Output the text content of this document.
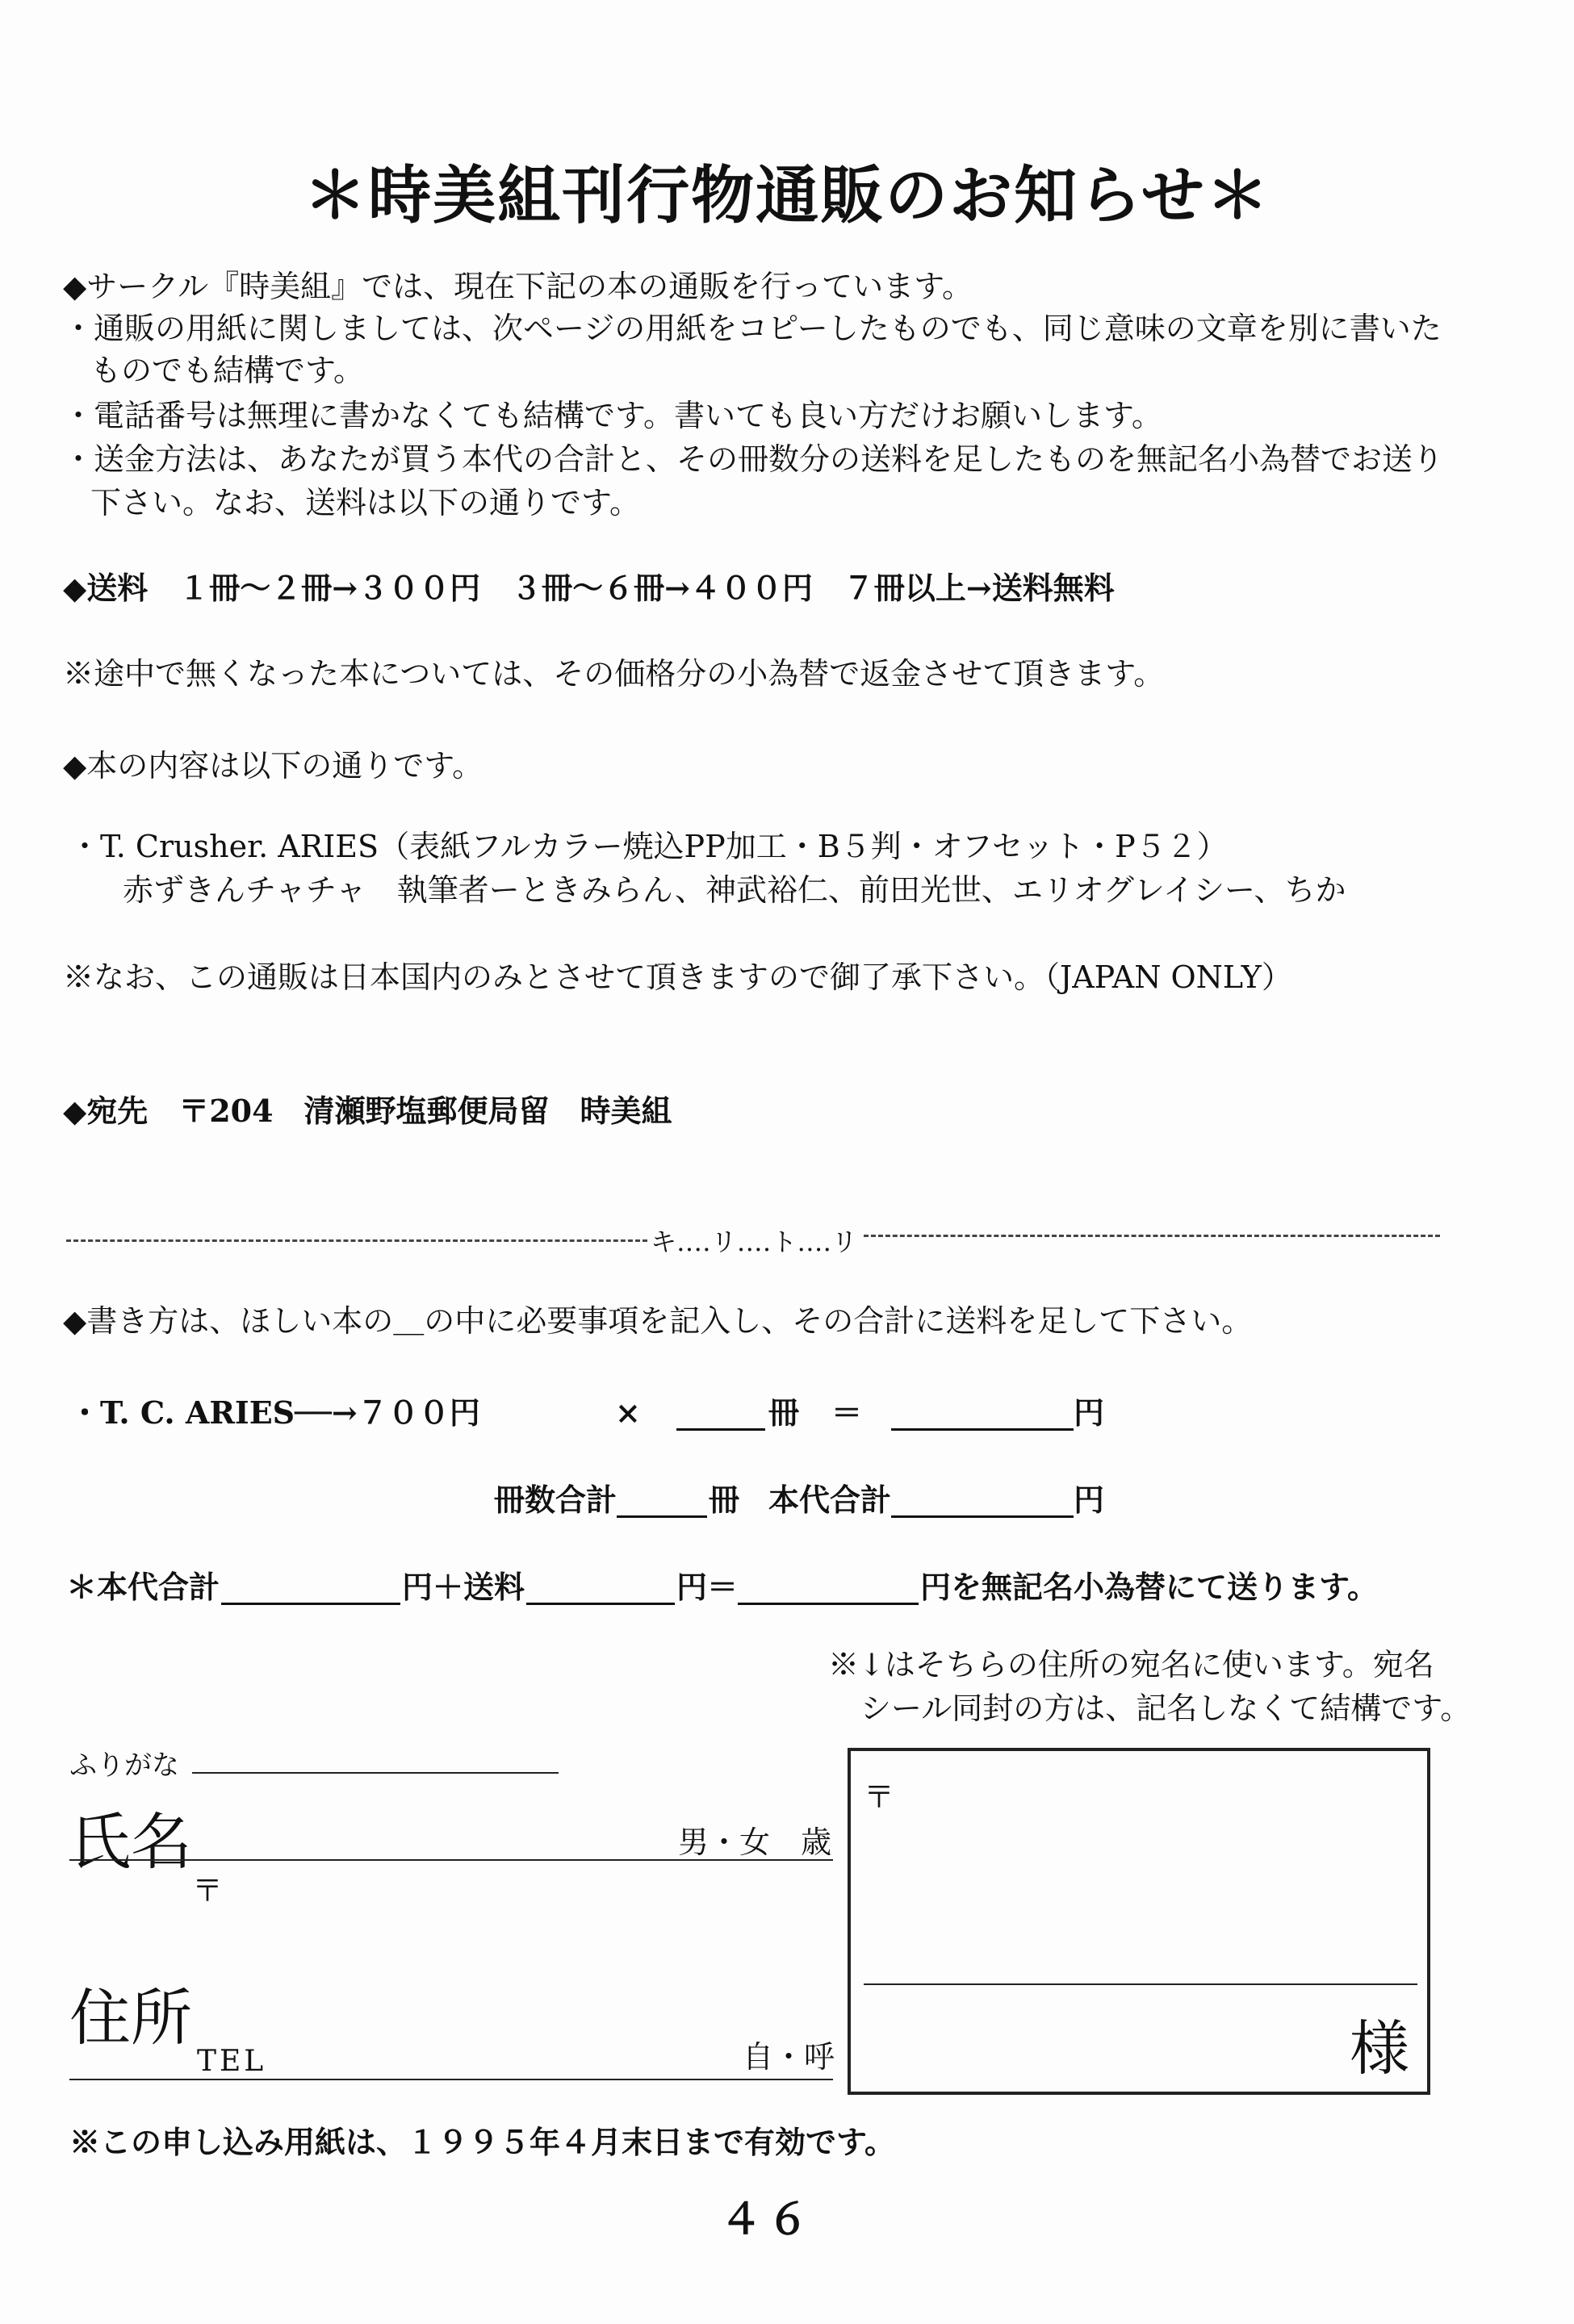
＊時美組刊行物通販のお知らせ＊
◆サークル『時美組』では、現在下記の本の通販を行っています。
・通販の用紙に関しましては、次ページの用紙をコピーしたものでも、同じ意味の文章を別に書いた
ものでも結構です。
・電話番号は無理に書かなくても結構です。書いても良い方だけお願いします。
・送金方法は、あなたが買う本代の合計と、その冊数分の送料を足したものを無記名小為替でお送り
下さい。なお、送料は以下の通りです。
◆送料　１冊〜２冊→３００円　３冊〜６冊→４００円　７冊以上→送料無料
※途中で無くなった本については、その価格分の小為替で返金させて頂きます。
◆本の内容は以下の通りです。
・T. Crusher. ARIES（表紙フルカラー焼込PP加工・B５判・オフセット・P５２）
赤ずきんチャチャ　執筆者ーときみらん、神武裕仁、前田光世、エリオグレイシー、ちか
※なお、この通販は日本国内のみとさせて頂きますので御了承下さい。（JAPAN ONLY）
◆宛先　〒204　清瀬野塩郵便局留　時美組
キ‥‥リ‥‥ト‥‥リ
◆書き方は、ほしい本の＿の中に必要事項を記入し、その合計に送料を足して下さい。
・T. C. ARIES──→７００円	×	冊 ＝	円
冊数合計	冊 本代合計	円
＊本代合計	円＋送料	円＝	円を無記名小為替にて送ります。
※↓はそちらの住所の宛名に使います。宛名
シール同封の方は、記名しなくて結構です。
ふりがな
氏名	男・女　歳
〒
住所
TEL	自・呼
〒
様
※この申し込み用紙は、１９９５年４月末日まで有効です。
４６
